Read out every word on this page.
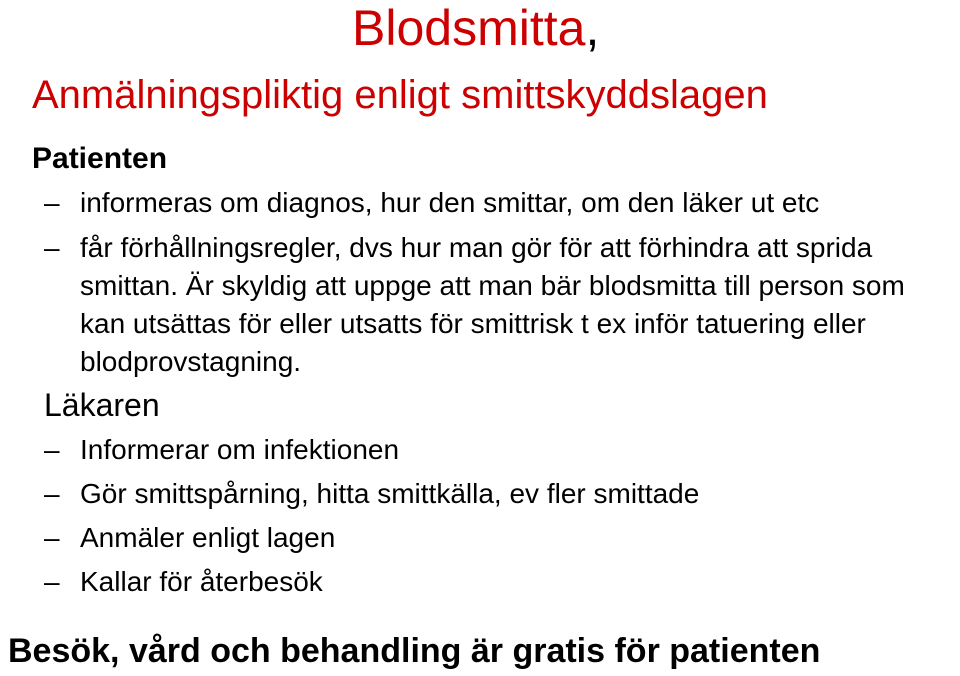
Blodsmitta,
Anmälningspliktig enligt smittskyddslagen
Patienten
– informeras om diagnos, hur den smittar, om den läker ut etc
– får förhållningsregler, dvs hur man gör för att förhindra att sprida smittan. Är skyldig att uppge att man bär blodsmitta till person som kan utsättas för eller utsatts för smittrisk t ex inför tatuering eller blodprovstagning.
Läkaren
– Informerar om infektionen
– Gör smittspårning, hitta smittkälla, ev fler smittade
– Anmäler enligt lagen
– Kallar för återbesök
Besök, vård och behandling är gratis för patienten
